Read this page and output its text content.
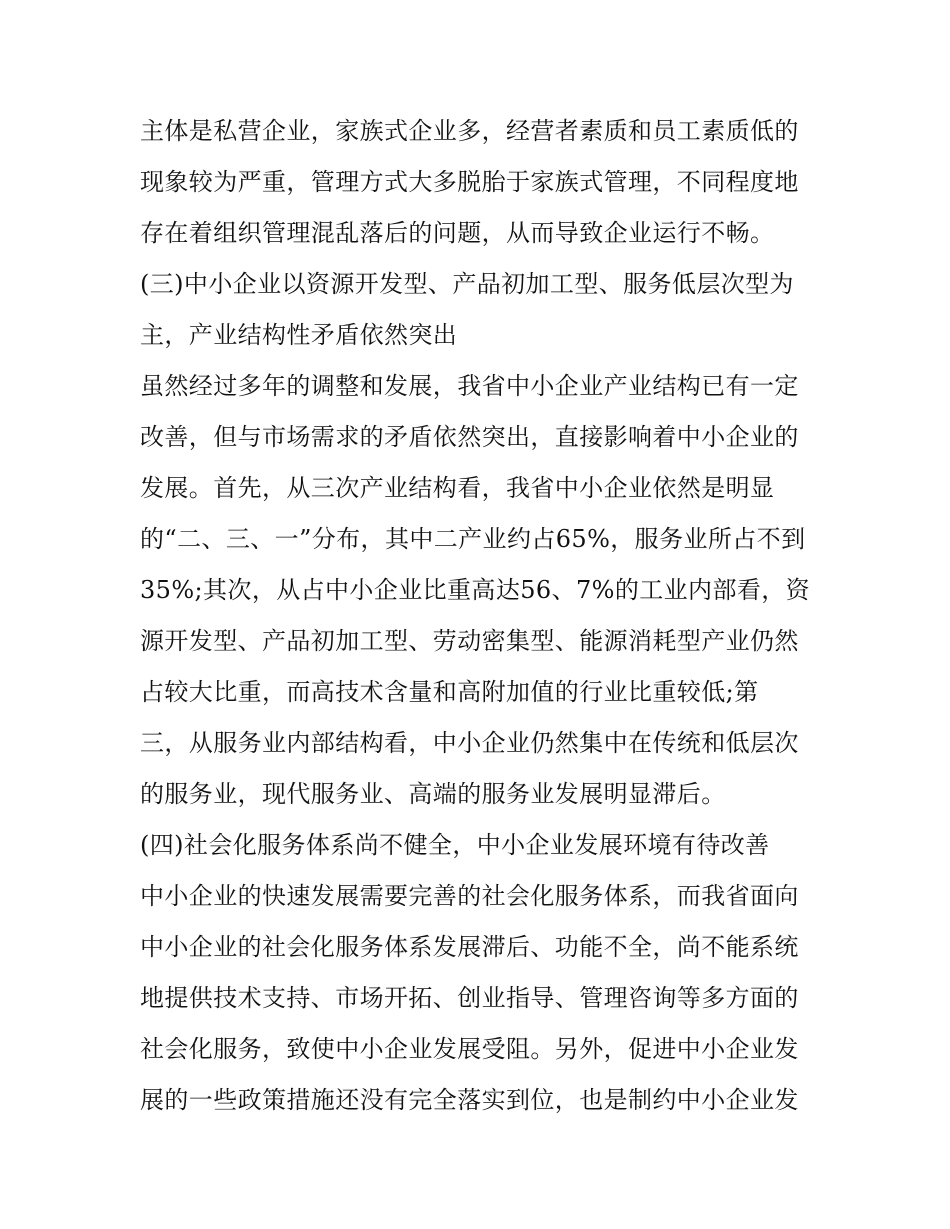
主体是私营企业，家族式企业多，经营者素质和员工素质低的
现象较为严重，管理方式大多脱胎于家族式管理，不同程度地
存在着组织管理混乱落后的问题，从而导致企业运行不畅。
(三)中小企业以资源开发型、产品初加工型、服务低层次型为
主，产业结构性矛盾依然突出
虽然经过多年的调整和发展，我省中小企业产业结构已有一定
改善，但与市场需求的矛盾依然突出，直接影响着中小企业的
发展。首先，从三次产业结构看，我省中小企业依然是明显
的“二、三、一”分布，其中二产业约占65%，服务业所占不到
35%;其次，从占中小企业比重高达56、7%的工业内部看，资
源开发型、产品初加工型、劳动密集型、能源消耗型产业仍然
占较大比重，而高技术含量和高附加值的行业比重较低;第
三，从服务业内部结构看，中小企业仍然集中在传统和低层次
的服务业，现代服务业、高端的服务业发展明显滞后。
(四)社会化服务体系尚不健全，中小企业发展环境有待改善
中小企业的快速发展需要完善的社会化服务体系，而我省面向
中小企业的社会化服务体系发展滞后、功能不全，尚不能系统
地提供技术支持、市场开拓、创业指导、管理咨询等多方面的
社会化服务，致使中小企业发展受阻。另外，促进中小企业发
展的一些政策措施还没有完全落实到位，也是制约中小企业发
